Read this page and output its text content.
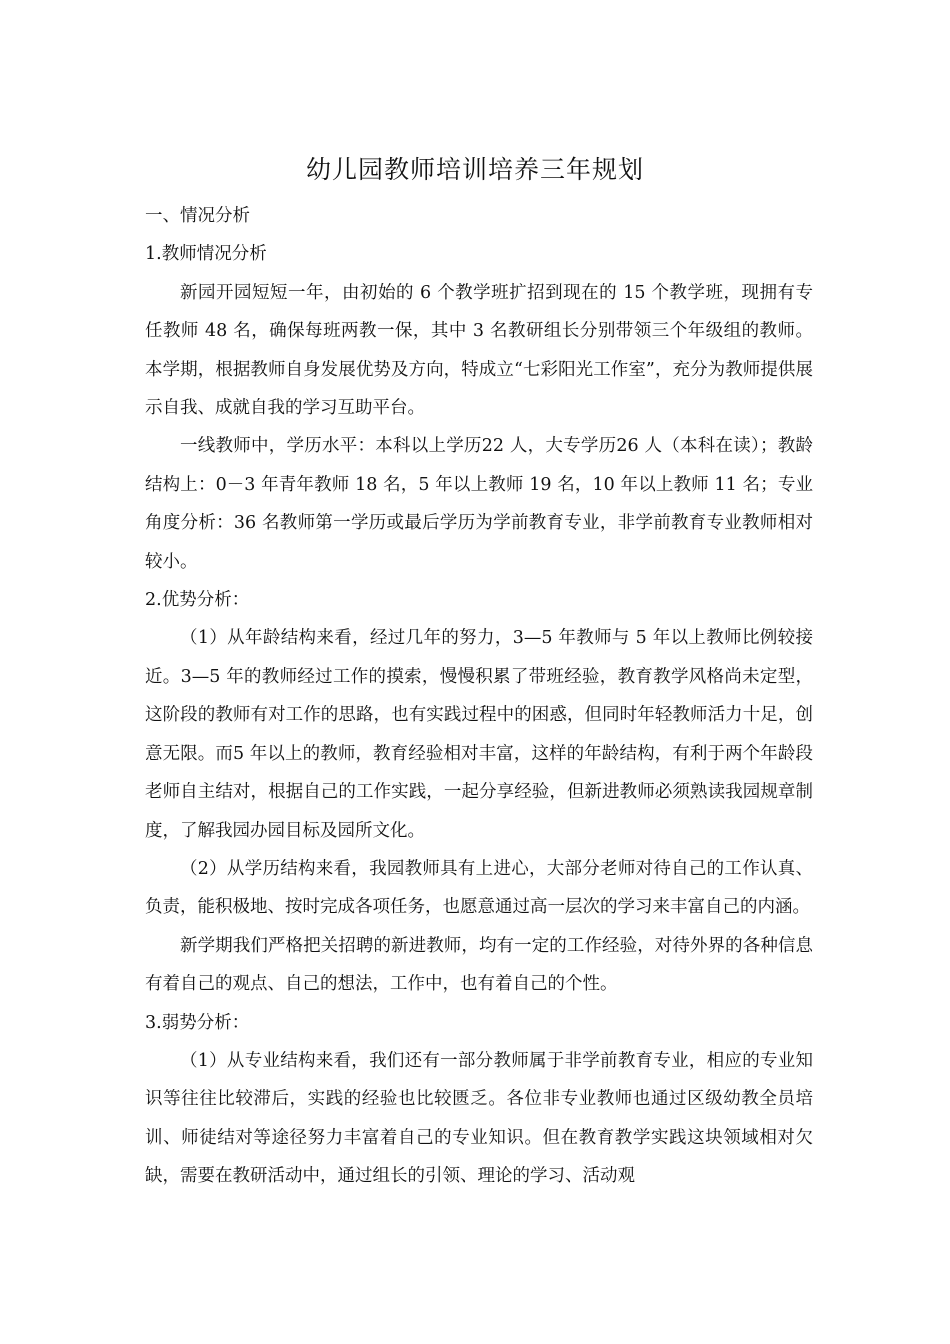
幼儿园教师培训培养三年规划

一、情况分析

1.教师情况分析

新园开园短短一年，由初始的 6 个教学班扩招到现在的 15 个教学班，现拥有专任教师 48 名，确保每班两教一保，其中 3 名教研组长分别带领三个年级组的教师。本学期，根据教师自身发展优势及方向，特成立“七彩阳光工作室”，充分为教师提供展示自我、成就自我的学习互助平台。

一线教师中，学历水平：本科以上学历22 人，大专学历26 人（本科在读）；教龄结构上：0－3 年青年教师 18 名，5 年以上教师 19 名，10 年以上教师 11 名；专业角度分析：36 名教师第一学历或最后学历为学前教育专业，非学前教育专业教师相对较小。

2.优势分析：

（1）从年龄结构来看，经过几年的努力，3—5 年教师与 5 年以上教师比例较接近。3—5 年的教师经过工作的摸索，慢慢积累了带班经验，教育教学风格尚未定型，这阶段的教师有对工作的思路，也有实践过程中的困惑，但同时年轻教师活力十足，创意无限。而5 年以上的教师，教育经验相对丰富，这样的年龄结构，有利于两个年龄段老师自主结对，根据自己的工作实践，一起分享经验，但新进教师必须熟读我园规章制度，了解我园办园目标及园所文化。

（2）从学历结构来看，我园教师具有上进心，大部分老师对待自己的工作认真、负责，能积极地、按时完成各项任务，也愿意通过高一层次的学习来丰富自己的内涵。

新学期我们严格把关招聘的新进教师，均有一定的工作经验，对待外界的各种信息有着自己的观点、自己的想法，工作中，也有着自己的个性。

3.弱势分析：

（1）从专业结构来看，我们还有一部分教师属于非学前教育专业，相应的专业知识等往往比较滞后，实践的经验也比较匮乏。各位非专业教师也通过区级幼教全员培训、师徒结对等途径努力丰富着自己的专业知识。但在教育教学实践这块领域相对欠缺，需要在教研活动中，通过组长的引领、理论的学习、活动观
